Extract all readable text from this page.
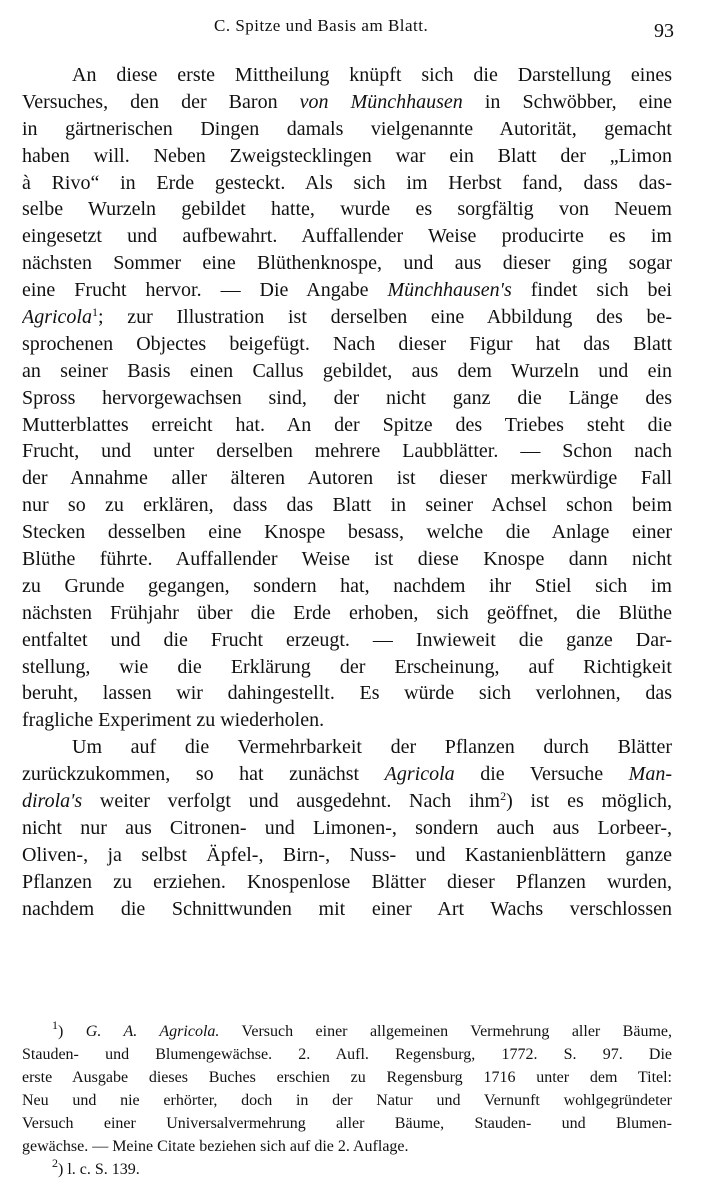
C. Spitze und Basis am Blatt.	93
An diese erste Mittheilung knüpft sich die Darstellung eines
Versuches, den der Baron von Münchhausen in Schwöbber, eine
in gärtnerischen Dingen damals vielgenannte Autorität, gemacht
haben will. Neben Zweigstecklingen war ein Blatt der „Limon
à Rivo“ in Erde gesteckt. Als sich im Herbst fand, dass das-
selbe Wurzeln gebildet hatte, wurde es sorgfältig von Neuem
eingesetzt und aufbewahrt. Auffallender Weise producirte es im
nächsten Sommer eine Blüthenknospe, und aus dieser ging sogar
eine Frucht hervor. — Die Angabe Münchhausen's findet sich bei
Agricola$^1$; zur Illustration ist derselben eine Abbildung des be-
sprochenen Objectes beigefügt. Nach dieser Figur hat das Blatt
an seiner Basis einen Callus gebildet, aus dem Wurzeln und ein
Spross hervorgewachsen sind, der nicht ganz die Länge des
Mutterblattes erreicht hat. An der Spitze des Triebes steht die
Frucht, und unter derselben mehrere Laubblätter. — Schon nach
der Annahme aller älteren Autoren ist dieser merkwürdige Fall
nur so zu erklären, dass das Blatt in seiner Achsel schon beim
Stecken desselben eine Knospe besass, welche die Anlage einer
Blüthe führte. Auffallender Weise ist diese Knospe dann nicht
zu Grunde gegangen, sondern hat, nachdem ihr Stiel sich im
nächsten Frühjahr über die Erde erhoben, sich geöffnet, die Blüthe
entfaltet und die Frucht erzeugt. — Inwieweit die ganze Dar-
stellung, wie die Erklärung der Erscheinung, auf Richtigkeit
beruht, lassen wir dahingestellt. Es würde sich verlohnen, das
fragliche Experiment zu wiederholen.
Um auf die Vermehrbarkeit der Pflanzen durch Blätter
zurückzukommen, so hat zunächst Agricola die Versuche Man-
dirola's weiter verfolgt und ausgedehnt. Nach ihm$^2$) ist es möglich,
nicht nur aus Citronen- und Limonen-, sondern auch aus Lorbeer-,
Oliven-, ja selbst Äpfel-, Birn-, Nuss- und Kastanienblättern ganze
Pflanzen zu erziehen. Knospenlose Blätter dieser Pflanzen wurden,
nachdem die Schnittwunden mit einer Art Wachs verschlossen
$^1$) G. A. Agricola. Versuch einer allgemeinen Vermehrung aller Bäume,
Stauden- und Blumengewächse. 2. Aufl. Regensburg, 1772. S. 97. Die
erste Ausgabe dieses Buches erschien zu Regensburg 1716 unter dem Titel:
Neu und nie erhörter, doch in der Natur und Vernunft wohlgegründeter
Versuch einer Universalvermehrung aller Bäume, Stauden- und Blumen-
gewächse. — Meine Citate beziehen sich auf die 2. Auflage.
$^2$) l. c. S. 139.
